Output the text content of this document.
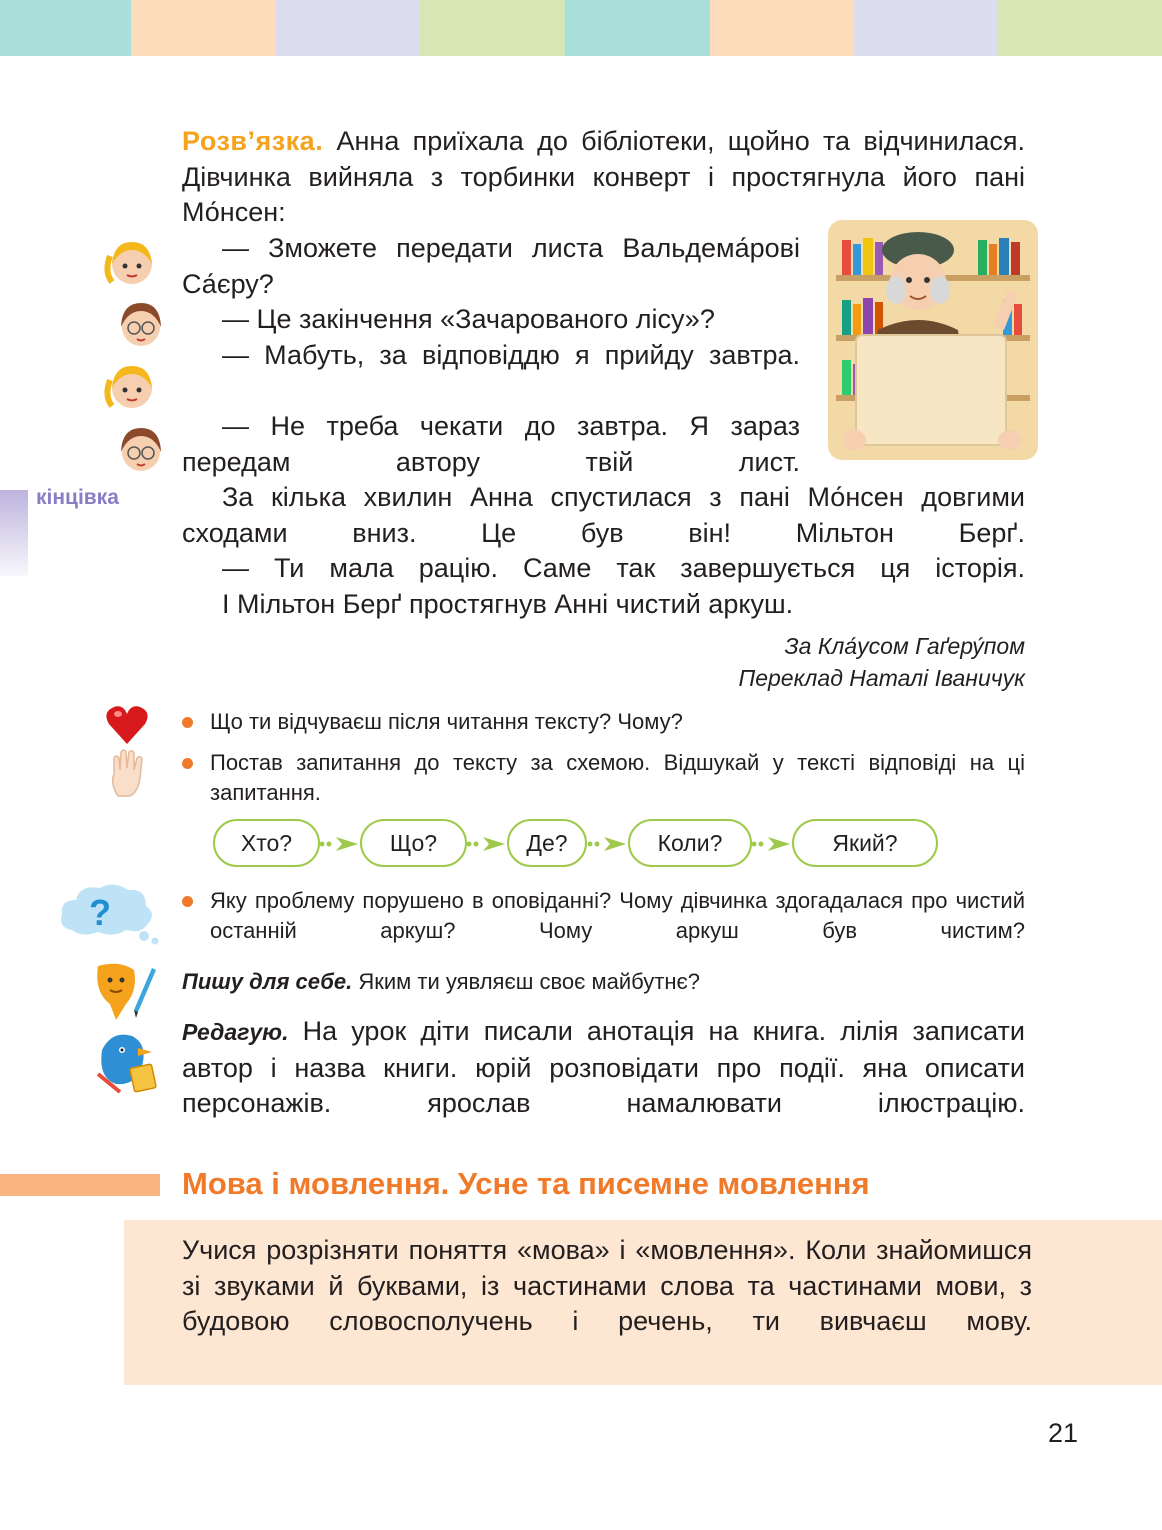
Розв’язка. Анна приїхала до бібліотеки, щойно та відчинилася. Дівчинка вийняла з торбинки конверт і простягнула його пані Мо́нсен:

— Зможете передати листа Вальдема́рові Са́єру?

— Це закінчення «Зачарованого лісу»?

— Мабуть, за відповіддю я прийду завтра.

— Не треба чекати до завтра. Я зараз передам автору твій лист.

За кілька хвилин Анна спустилася з пані Мо́нсен довгими сходами вниз. Це був він! Мільтон Берґ.

— Ти мала рацію. Саме так завершується ця історія.

І Мільтон Берґ простягнув Анні чистий аркуш.

За Кла́усом Гаґеру́пом
Переклад Наталі Іваничук
кінцівка
Що ти відчуваєш після читання тексту? Чому?
Постав запитання до тексту за схемою. Відшукай у тексті відповіді на ці запитання.
Хто?	Що?	Де?	Коли?	Який?
?	Яку проблему порушено в оповіданні? Чому дівчинка здогадалася про чистий останній аркуш? Чому аркуш був чистим?
Пишу для себе. Яким ти уявляєш своє майбутнє?

Редагую. На урок діти писали анотація на книга. лілія записати автор і назва книги. юрій розповідати про події. яна описати персонажів. ярослав намалювати ілюстрацію.

Мова і мовлення. Усне та писемне мовлення

Учися розрізняти поняття «мова» і «мовлення». Коли знайомишся зі звуками й буквами, із частинами слова та частинами мови, з будовою словосполучень і речень, ти вивчаєш мову.

21
